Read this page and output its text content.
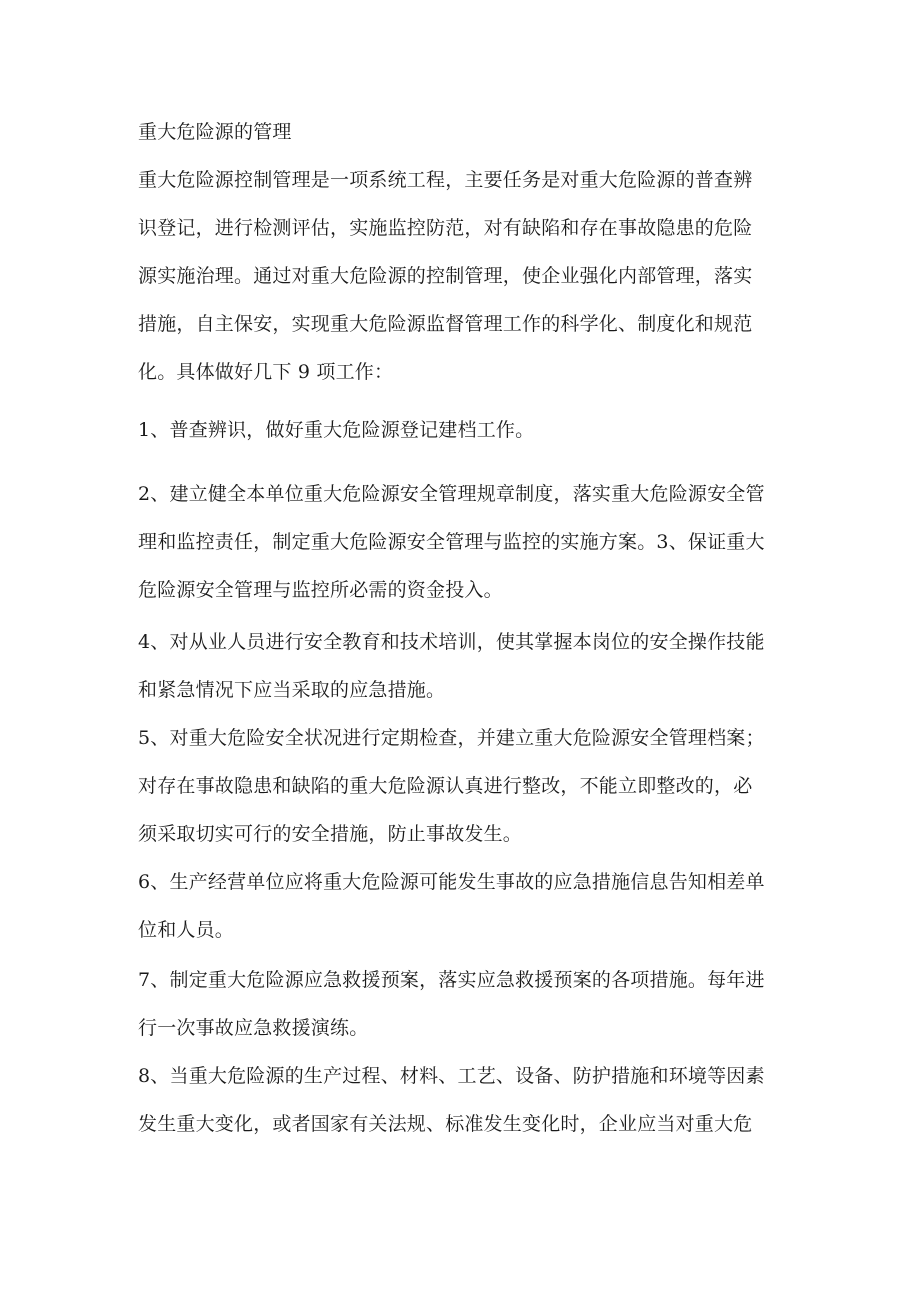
重大危险源的管理
重大危险源控制管理是一项系统工程，主要任务是对重大危险源的普查辨
识登记，进行检测评估，实施监控防范，对有缺陷和存在事故隐患的危险
源实施治理。通过对重大危险源的控制管理，使企业强化内部管理，落实
措施，自主保安，实现重大危险源监督管理工作的科学化、制度化和规范
化。具体做好几下 9 项工作：
1、普查辨识，做好重大危险源登记建档工作。
2、建立健全本单位重大危险源安全管理规章制度，落实重大危险源安全管
理和监控责任，制定重大危险源安全管理与监控的实施方案。3、保证重大
危险源安全管理与监控所必需的资金投入。
4、对从业人员进行安全教育和技术培训，使其掌握本岗位的安全操作技能
和紧急情况下应当采取的应急措施。
5、对重大危险安全状况进行定期检查，并建立重大危险源安全管理档案；
对存在事故隐患和缺陷的重大危险源认真进行整改，不能立即整改的，必
须采取切实可行的安全措施，防止事故发生。
6、生产经营单位应将重大危险源可能发生事故的应急措施信息告知相差单
位和人员。
7、制定重大危险源应急救援预案，落实应急救援预案的各项措施。每年进
行一次事故应急救援演练。
8、当重大危险源的生产过程、材料、工艺、设备、防护措施和环境等因素
发生重大变化，或者国家有关法规、标准发生变化时，企业应当对重大危
